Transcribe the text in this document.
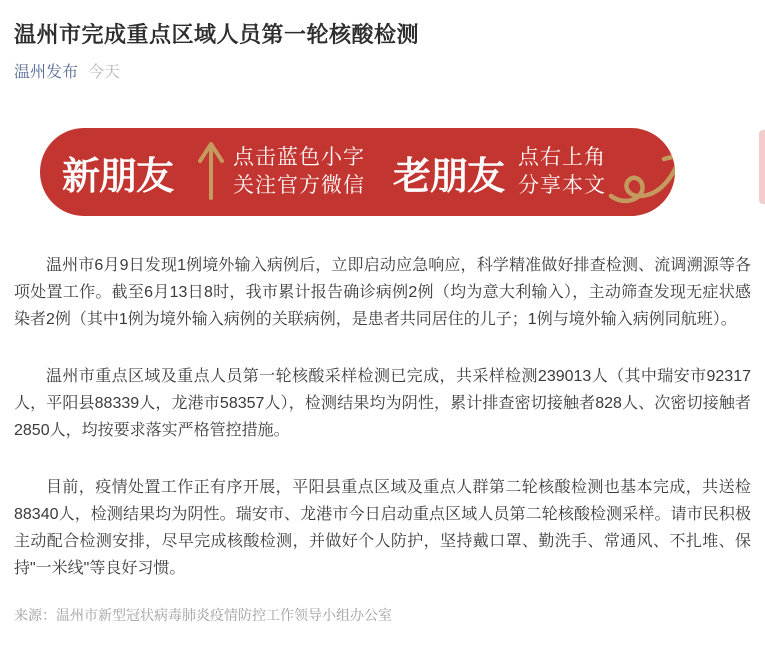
温州市完成重点区域人员第一轮核酸检测
温州发布 今天
新朋友	点击蓝色小字
关注官方微信 老朋友 点右上角
分享本文

温州市6月9日发现1例境外输入病例后，立即启动应急响应，科学精准做好排查检测、流调溯源等各项处置工作。截至6月13日8时，我市累计报告确诊病例2例（均为意大利输入），主动筛查发现无症状感染者2例（其中1例为境外输入病例的关联病例，是患者共同居住的儿子；1例与境外输入病例同航班）。

温州市重点区域及重点人员第一轮核酸采样检测已完成，共采样检测239013人（其中瑞安市92317人，平阳县88339人，龙港市58357人），检测结果均为阴性，累计排查密切接触者828人、次密切接触者2850人，均按要求落实严格管控措施。

目前，疫情处置工作正有序开展，平阳县重点区域及重点人群第二轮核酸检测也基本完成，共送检88340人，检测结果均为阴性。瑞安市、龙港市今日启动重点区域人员第二轮核酸检测采样。请市民积极主动配合检测安排，尽早完成核酸检测，并做好个人防护，坚持戴口罩、勤洗手、常通风、不扎堆、保持"一米线"等良好习惯。

来源：温州市新型冠状病毒肺炎疫情防控工作领导小组办公室
